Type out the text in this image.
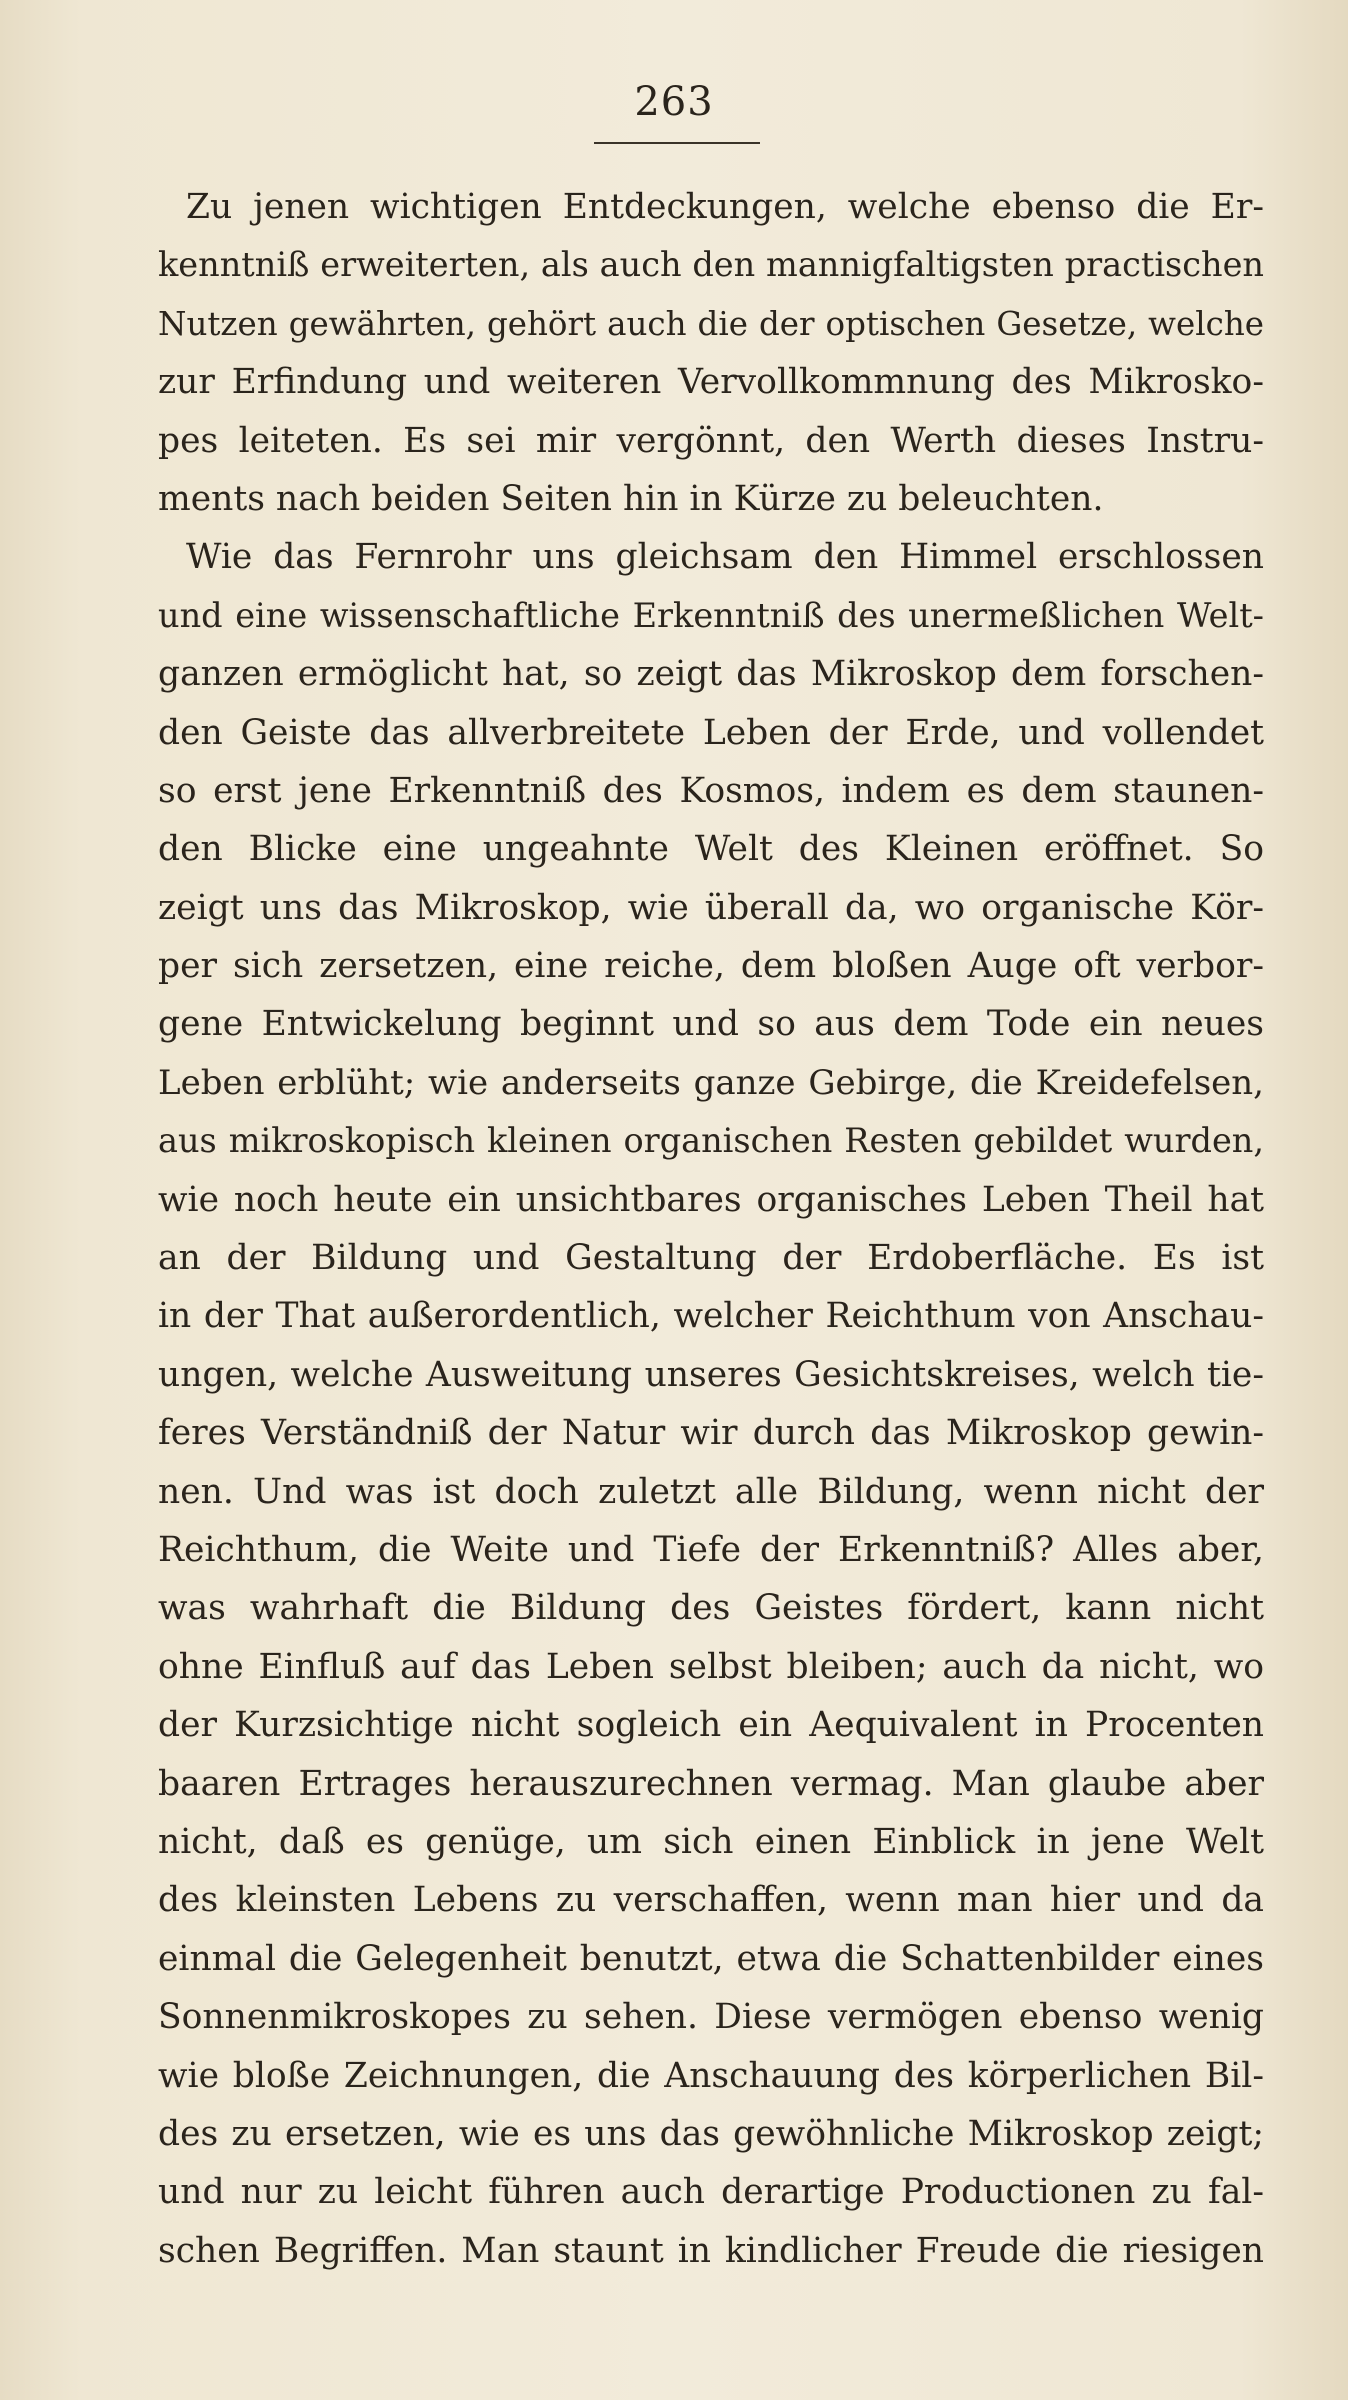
263
Zu jenen wichtigen Entdeckungen, welche ebenso die Er-
kenntniß erweiterten, als auch den mannigfaltigsten practischen
Nutzen gewährten, gehört auch die der optischen Gesetze, welche
zur Erfindung und weiteren Vervollkommnung des Mikrosko-
pes leiteten. Es sei mir vergönnt, den Werth dieses Instru-
ments nach beiden Seiten hin in Kürze zu beleuchten.
Wie das Fernrohr uns gleichsam den Himmel erschlossen
und eine wissenschaftliche Erkenntniß des unermeßlichen Welt-
ganzen ermöglicht hat, so zeigt das Mikroskop dem forschen-
den Geiste das allverbreitete Leben der Erde, und vollendet
so erst jene Erkenntniß des Kosmos, indem es dem staunen-
den Blicke eine ungeahnte Welt des Kleinen eröffnet. So
zeigt uns das Mikroskop, wie überall da, wo organische Kör-
per sich zersetzen, eine reiche, dem bloßen Auge oft verbor-
gene Entwickelung beginnt und so aus dem Tode ein neues
Leben erblüht; wie anderseits ganze Gebirge, die Kreidefelsen,
aus mikroskopisch kleinen organischen Resten gebildet wurden,
wie noch heute ein unsichtbares organisches Leben Theil hat
an der Bildung und Gestaltung der Erdoberfläche. Es ist
in der That außerordentlich, welcher Reichthum von Anschau-
ungen, welche Ausweitung unseres Gesichtskreises, welch tie-
feres Verständniß der Natur wir durch das Mikroskop gewin-
nen. Und was ist doch zuletzt alle Bildung, wenn nicht der
Reichthum, die Weite und Tiefe der Erkenntniß? Alles aber,
was wahrhaft die Bildung des Geistes fördert, kann nicht
ohne Einfluß auf das Leben selbst bleiben; auch da nicht, wo
der Kurzsichtige nicht sogleich ein Aequivalent in Procenten
baaren Ertrages herauszurechnen vermag. Man glaube aber
nicht, daß es genüge, um sich einen Einblick in jene Welt
des kleinsten Lebens zu verschaffen, wenn man hier und da
einmal die Gelegenheit benutzt, etwa die Schattenbilder eines
Sonnenmikroskopes zu sehen. Diese vermögen ebenso wenig
wie bloße Zeichnungen, die Anschauung des körperlichen Bil-
des zu ersetzen, wie es uns das gewöhnliche Mikroskop zeigt;
und nur zu leicht führen auch derartige Productionen zu fal-
schen Begriffen. Man staunt in kindlicher Freude die riesigen
